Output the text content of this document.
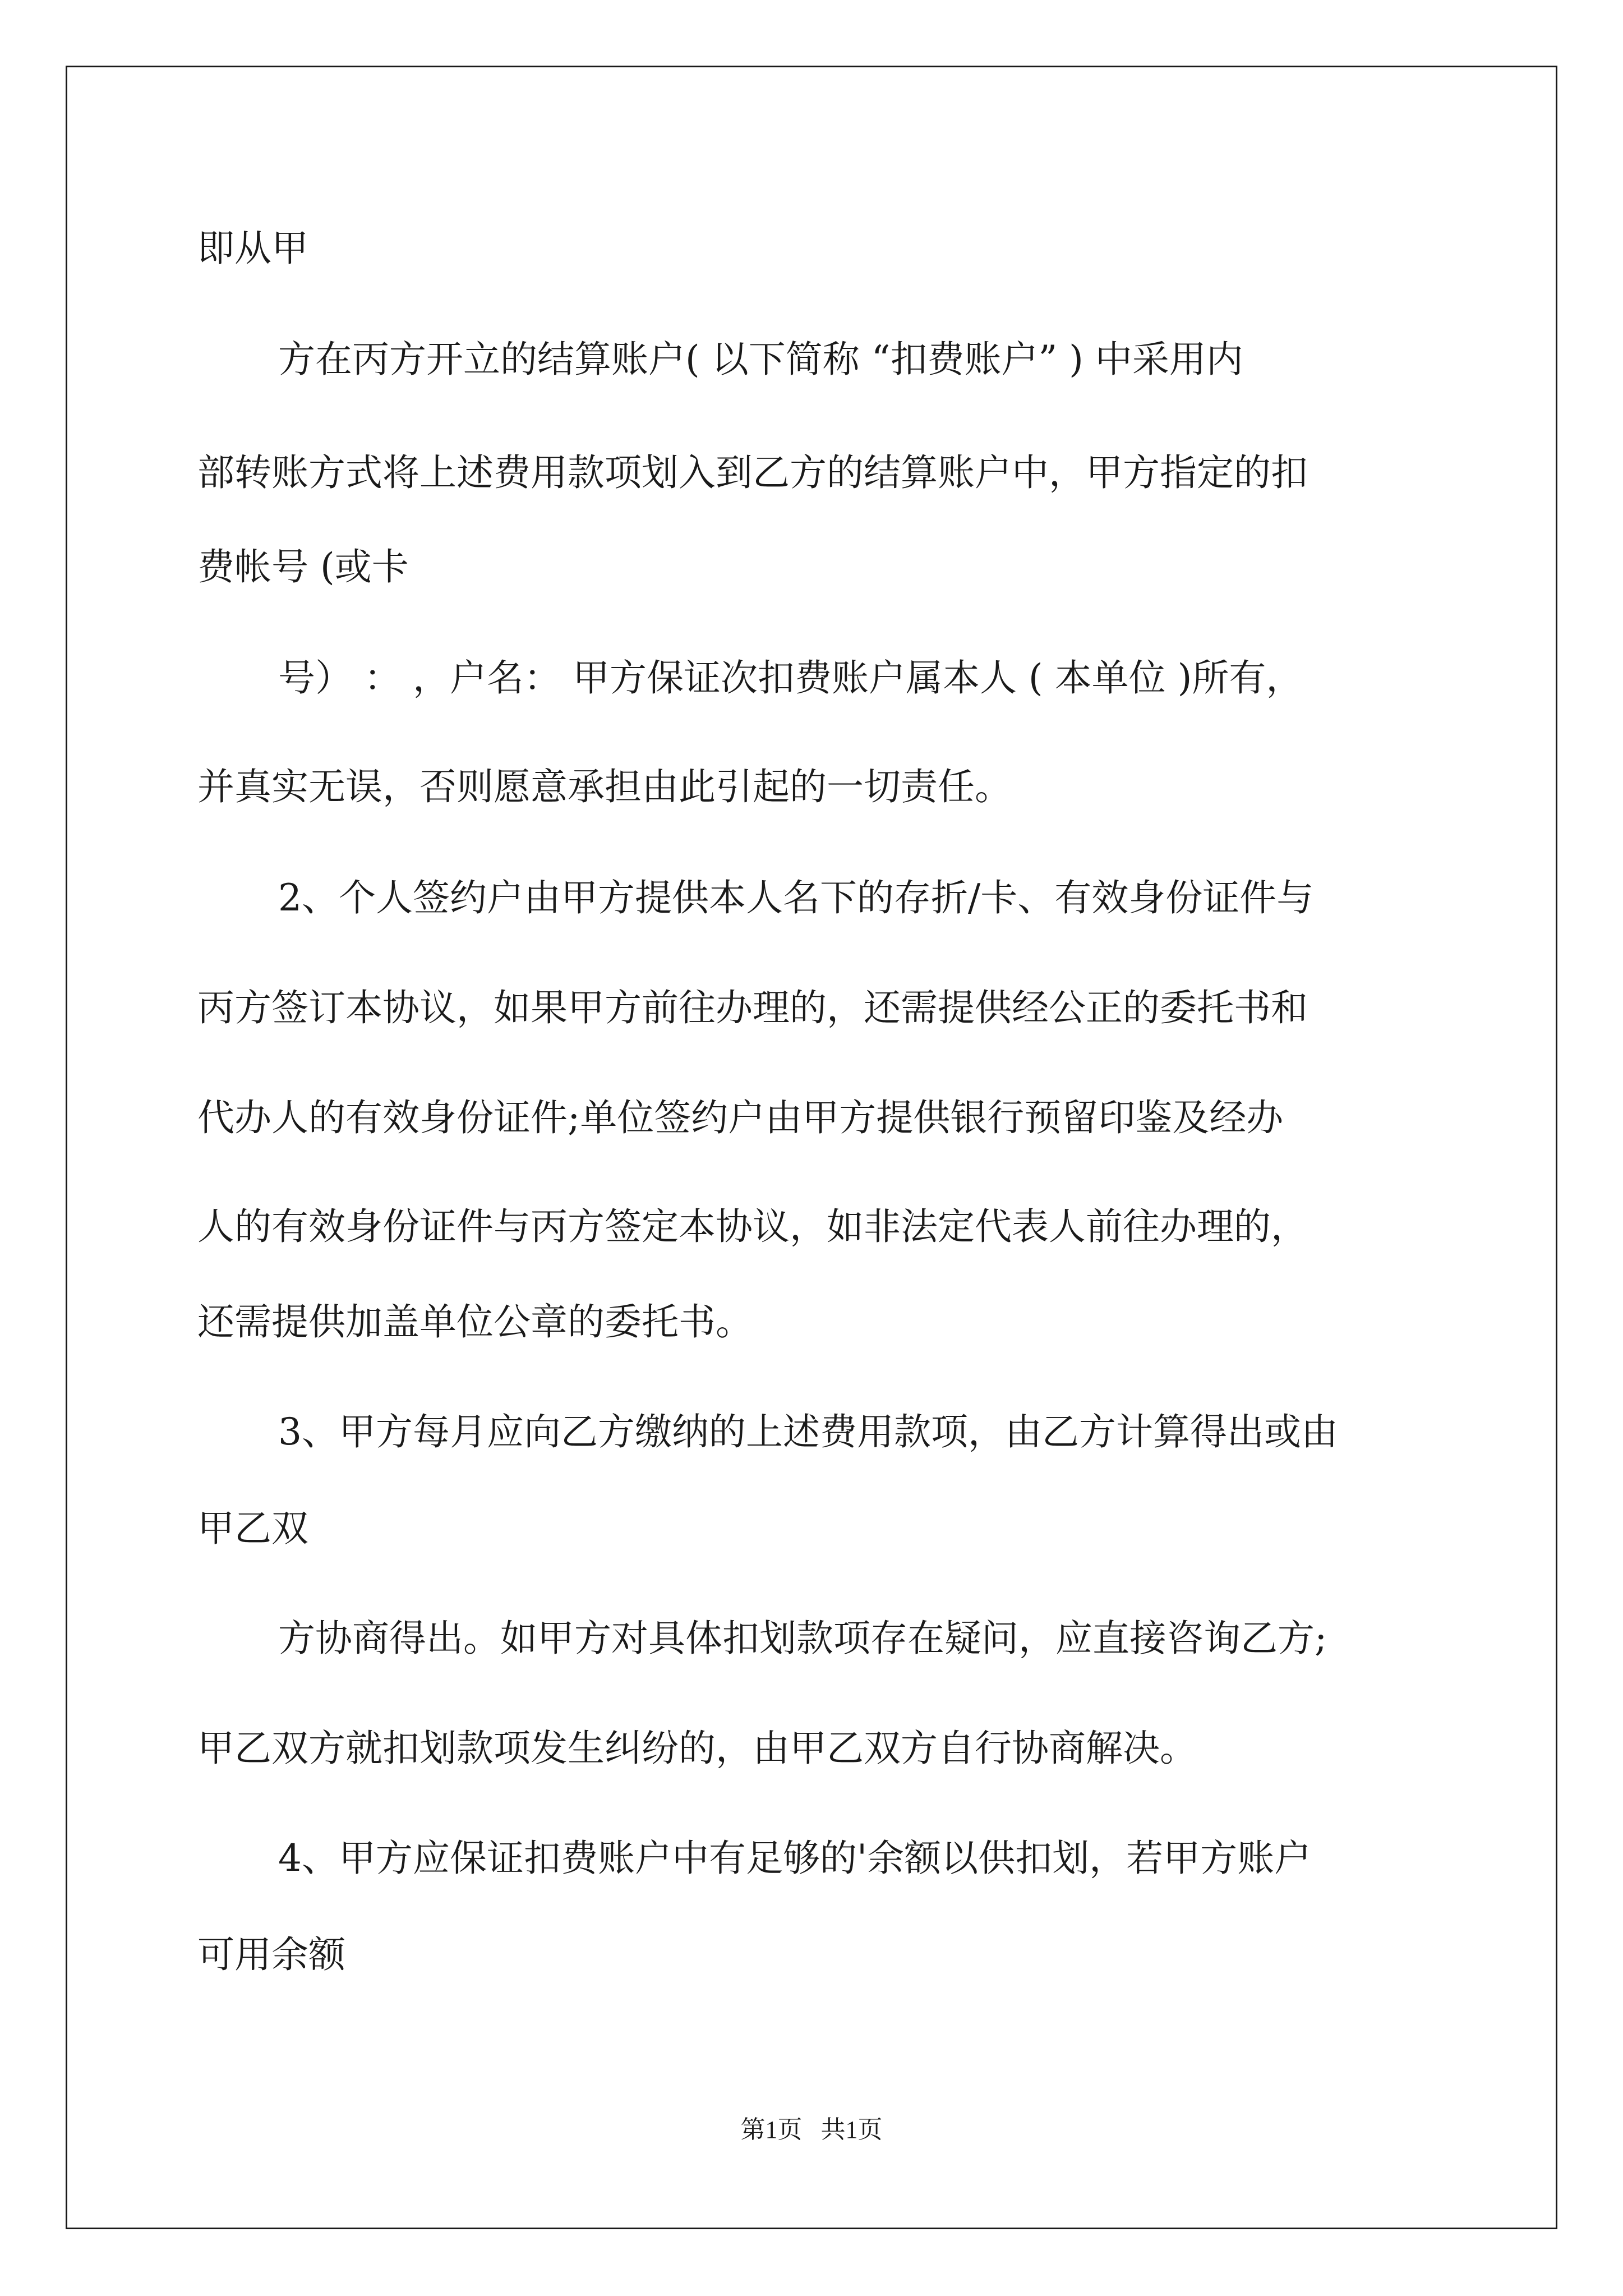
即从甲
方在丙方开立的结算账户( 以下简称 “扣费账户” ) 中采用内
部转账方式将上述费用款项划入到乙方的结算账户中，甲方指定的扣
费帐号 (或卡
号） ： ，户名： 甲方保证次扣费账户属本人 ( 本单位 )所有，
并真实无误，否则愿意承担由此引起的一切责任。
2、个人签约户由甲方提供本人名下的存折/卡、有效身份证件与
丙方签订本协议，如果甲方前往办理的，还需提供经公正的委托书和
代办人的有效身份证件;单位签约户由甲方提供银行预留印鉴及经办
人的有效身份证件与丙方签定本协议，如非法定代表人前往办理的，
还需提供加盖单位公章的委托书。
3、甲方每月应向乙方缴纳的上述费用款项，由乙方计算得出或由
甲乙双
方协商得出。如甲方对具体扣划款项存在疑问，应直接咨询乙方;
甲乙双方就扣划款项发生纠纷的，由甲乙双方自行协商解决。
4、甲方应保证扣费账户中有足够的'余额以供扣划，若甲方账户
可用余额
第1页   共1页
